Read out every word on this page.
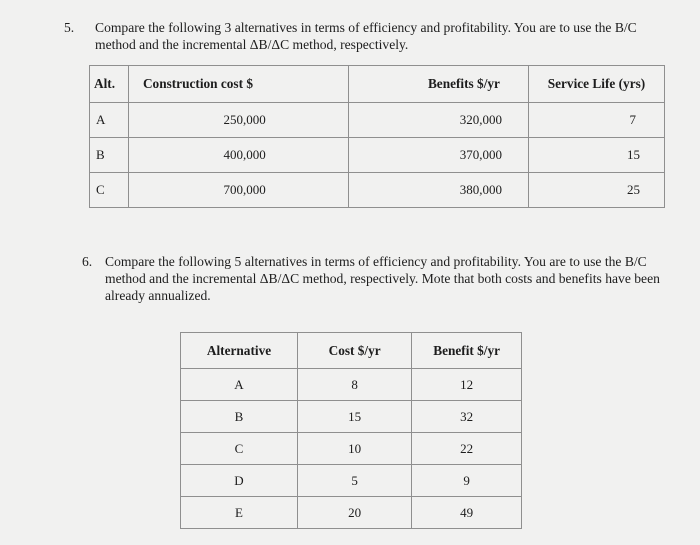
5. Compare the following 3 alternatives in terms of efficiency and profitability. You are to use the B/C
method and the incremental ΔB/ΔC method, respectively.
Alt.	Construction cost $	Benefits $/yr	Service Life (yrs)
A	250,000	320,000	7
B	400,000	370,000	15
C	700,000	380,000	25
6. Compare the following 5 alternatives in terms of efficiency and profitability. You are to use the B/C
method and the incremental ΔB/ΔC method, respectively. Mote that both costs and benefits have been
already annualized.
Alternative	Cost $/yr	Benefit $/yr
A	8	12
B	15	32
C	10	22
D	5	9
E	20	49
